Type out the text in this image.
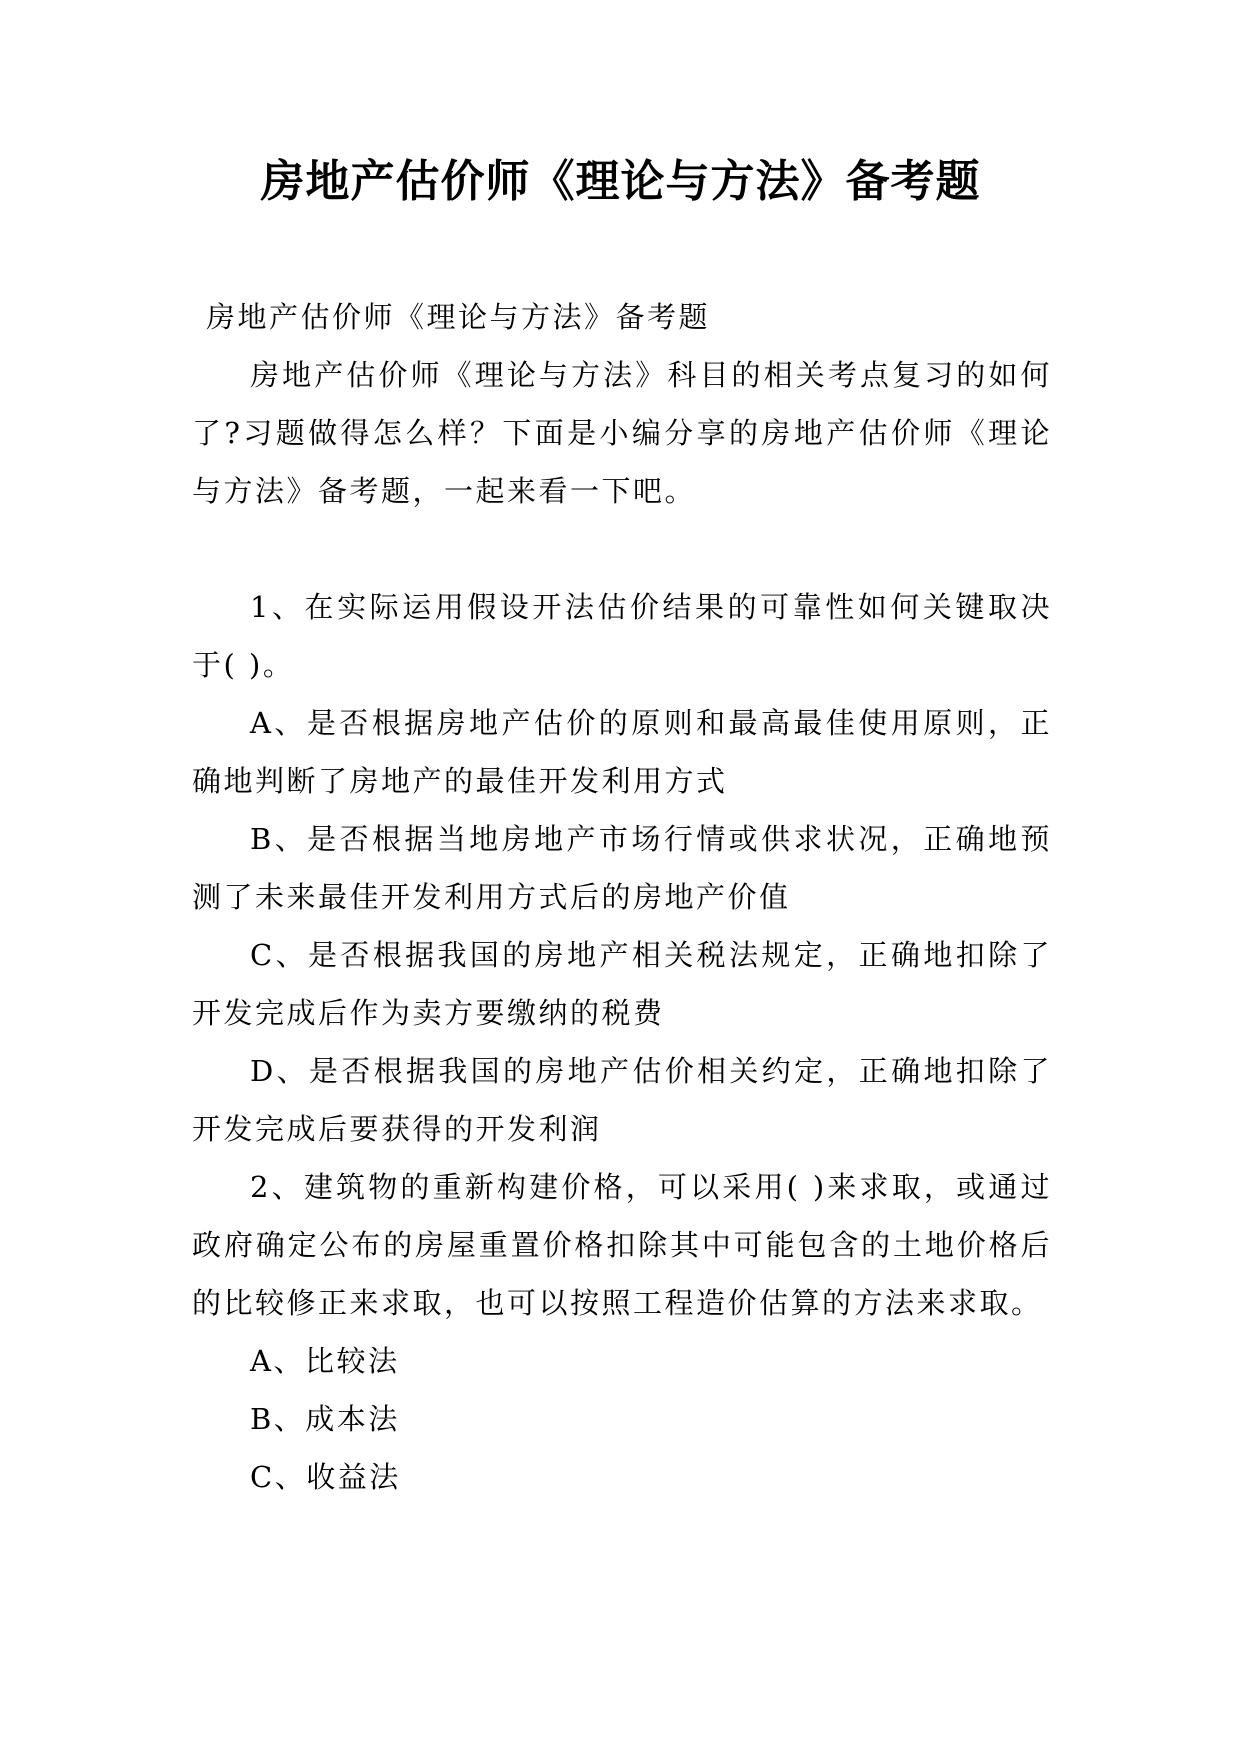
房地产估价师《理论与方法》备考题

房地产估价师《理论与方法》备考题

房地产估价师《理论与方法》科目的相关考点复习的如何了?习题做得怎么样？下面是小编分享的房地产估价师《理论与方法》备考题，一起来看一下吧。

1、在实际运用假设开法估价结果的可靠性如何关键取决于( )。

A、是否根据房地产估价的原则和最高最佳使用原则，正确地判断了房地产的最佳开发利用方式

B、是否根据当地房地产市场行情或供求状况，正确地预测了未来最佳开发利用方式后的房地产价值

C、是否根据我国的房地产相关税法规定，正确地扣除了开发完成后作为卖方要缴纳的税费

D、是否根据我国的房地产估价相关约定，正确地扣除了开发完成后要获得的开发利润

2、建筑物的重新构建价格，可以采用( )来求取，或通过政府确定公布的房屋重置价格扣除其中可能包含的土地价格后的比较修正来求取，也可以按照工程造价估算的方法来求取。

A、比较法

B、成本法

C、收益法
